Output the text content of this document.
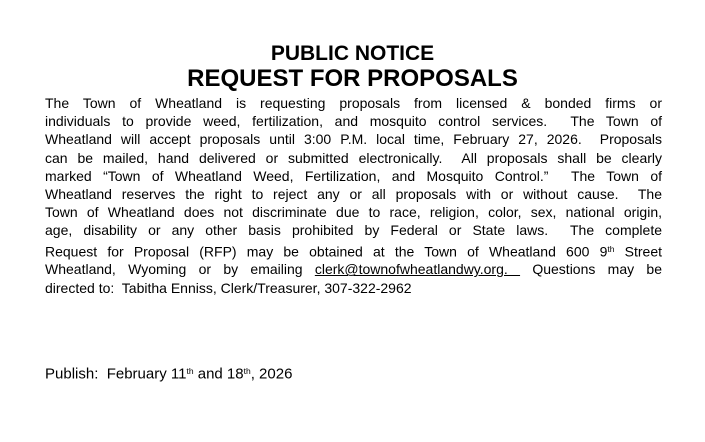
PUBLIC NOTICE
REQUEST FOR PROPOSALS
The Town of Wheatland is requesting proposals from licensed & bonded firms or
individuals to provide weed, fertilization, and mosquito control services.  The Town of
Wheatland will accept proposals until 3:00 P.M. local time, February 27, 2026.  Proposals
can be mailed, hand delivered or submitted electronically.  All proposals shall be clearly
marked “Town of Wheatland Weed, Fertilization, and Mosquito Control.”  The Town of
Wheatland reserves the right to reject any or all proposals with or without cause.  The
Town of Wheatland does not discriminate due to race, religion, color, sex, national origin,
age, disability or any other basis prohibited by Federal or State laws.  The complete
Request for Proposal (RFP) may be obtained at the Town of Wheatland 600 9th Street
Wheatland, Wyoming or by emailing clerk@townofwheatlandwy.org.  Questions may be
directed to:  Tabitha Enniss, Clerk/Treasurer, 307-322-2962
Publish:  February 11th and 18th, 2026
